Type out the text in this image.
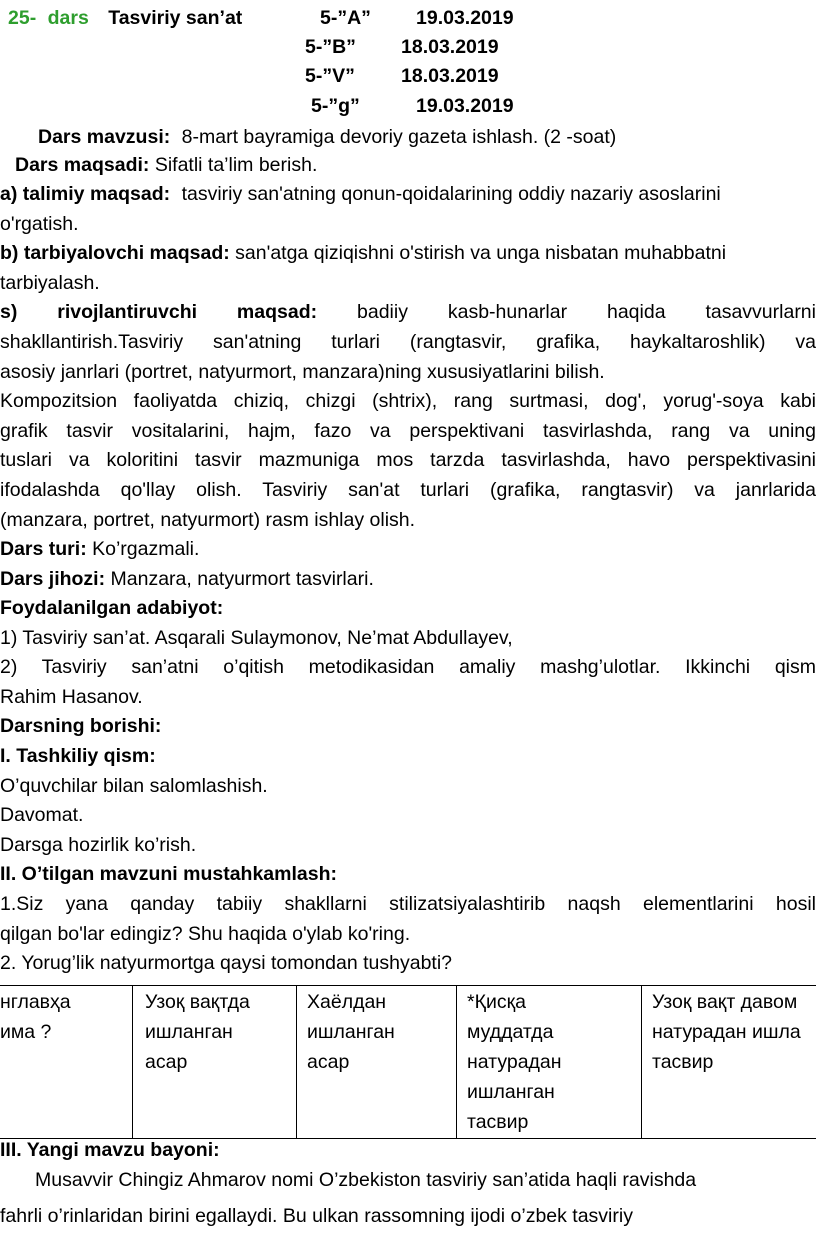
25- dars Tasviriy san’at	5-”A” 19.03.2019
5-”B” 18.03.2019
5-”V” 18.03.2019
5-”g”	19.03.2019
Dars mavzusi: 8-mart bayramiga devoriy gazeta ishlash. (2 -soat)
Dars maqsadi: Sifatli ta’lim berish.
a) talimiy maqsad: tasviriy san'atning qonun-qoidalarining oddiy nazariy asoslarini
o'rgatish.
b) tarbiyalovchi maqsad: san'atga qiziqishni o'stirish va unga nisbatan muhabbatni
tarbiyalash.
s) rivojlantiruvchi maqsad: badiiy kasb-hunarlar haqida tasavvurlarni
shakllantirish.Tasviriy san'atning turlari (rangtasvir, grafika, haykaltaroshlik) va
asosiy janrlari (portret, natyurmort, manzara)ning xususiyatlarini bilish.
Kompozitsion faoliyatda chiziq, chizgi (shtrix), rang surtmasi, dog', yorug'-soya kabi
grafik tasvir vositalarini, hajm, fazo va perspektivani tasvirlashda, rang va uning
tuslari va koloritini tasvir mazmuniga mos tarzda tasvirlashda, havo perspektivasini
ifodalashda qo'llay olish. Tasviriy san'at turlari (grafika, rangtasvir) va janrlarida
(manzara, portret, natyurmort) rasm ishlay olish.
Dars turi: Ko’rgazmali.
Dars jihozi: Manzara, natyurmort tasvirlari.
Foydalanilgan adabiyot:
1) Tasviriy san’at. Asqarali Sulaymonov, Ne’mat Abdullayev,
2) Tasviriy san’atni o’qitish metodikasidan amaliy mashg’ulotlar. Ikkinchi qism
Rahim Hasanov.
Darsning borishi:
I. Tashkiliy qism:
O’quvchilar bilan salomlashish.
Davomat.
Darsga hozirlik ko’rish.
II. O’tilgan mavzuni mustahkamlash:
1.Siz yana qanday tabiiy shakllarni stilizatsiyalashtirib naqsh elementlarini hosil
qilgan bo'lar edingiz? Shu haqida o'ylab ko'ring.
2. Yorug’lik natyurmortga qaysi tomondan tushyabti?
нглавҳа
има ?
Узоқ вақтда
ишланган
асар
Хаёлдан
ишланган
асар
*Қисқа
муддатда
натурадан
ишланган
тасвир
Узоқ вақт давом
натурадан ишла
тасвир
III. Yangi mavzu bayoni:
Musavvir Chingiz Ahmarov nomi O’zbekiston tasviriy san’atida haqli ravishda
fahrli o’rinlaridan birini egallaydi. Bu ulkan rassomning ijodi o’zbek tasviriy
